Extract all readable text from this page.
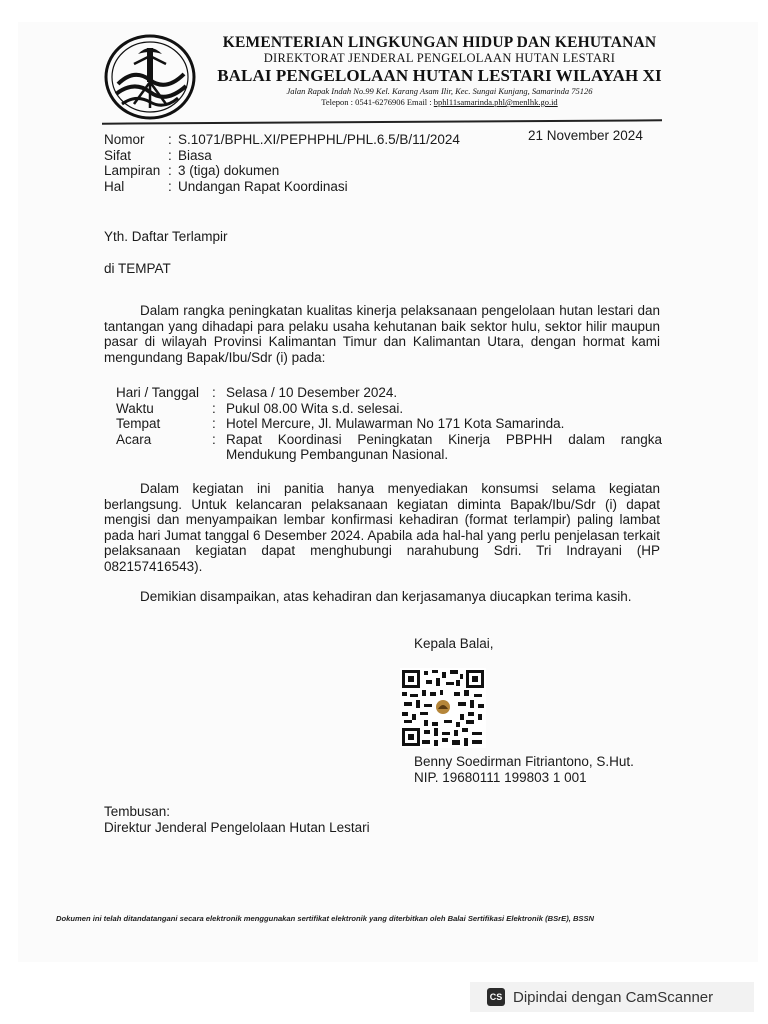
KEMENTERIAN LINGKUNGAN HIDUP DAN KEHUTANAN
DIREKTORAT JENDERAL PENGELOLAAN HUTAN LESTARI
BALAI PENGELOLAAN HUTAN LESTARI WILAYAH XI
Jalan Rapak Indah No.99 Kel. Karang Asam Ilir, Kec. Sungai Kunjang, Samarinda 75126
Telepon : 0541-6276906 Email : bphl11samarinda.phl@menlhk.go.id
Nomor	: S.1071/BPHL.XI/PEPHPHL/PHL.6.5/B/11/2024
Sifat	: Biasa
Lampiran : 3 (tiga) dokumen
Hal	: Undangan Rapat Koordinasi
21 November 2024
Yth. Daftar Terlampir
di TEMPAT
Dalam rangka peningkatan kualitas kinerja pelaksanaan pengelolaan hutan lestari dan tantangan yang dihadapi para pelaku usaha kehutanan baik sektor hulu, sektor hilir maupun pasar di wilayah Provinsi Kalimantan Timur dan Kalimantan Utara, dengan hormat kami mengundang Bapak/Ibu/Sdr (i) pada:
Hari / Tanggal : Selasa / 10 Desember 2024.
Waktu	: Pukul 08.00 Wita s.d. selesai.
Tempat	: Hotel Mercure, Jl. Mulawarman No 171 Kota Samarinda.
Acara	: Rapat Koordinasi Peningkatan Kinerja PBPHH dalam rangka Mendukung Pembangunan Nasional.
Dalam kegiatan ini panitia hanya menyediakan konsumsi selama kegiatan berlangsung. Untuk kelancaran pelaksanaan kegiatan diminta Bapak/Ibu/Sdr (i) dapat mengisi dan menyampaikan lembar konfirmasi kehadiran (format terlampir) paling lambat pada hari Jumat tanggal 6 Desember 2024. Apabila ada hal-hal yang perlu penjelasan terkait pelaksanaan kegiatan dapat menghubungi narahubung Sdri. Tri Indrayani (HP 082157416543).
Demikian disampaikan, atas kehadiran dan kerjasamanya diucapkan terima kasih.
Kepala Balai,
Benny Soedirman Fitriantono, S.Hut.
NIP. 19680111 199803 1 001
Tembusan:
Direktur Jenderal Pengelolaan Hutan Lestari
Dokumen ini telah ditandatangani secara elektronik menggunakan sertifikat elektronik yang diterbitkan oleh Balai Sertifikasi Elektronik (BSrE), BSSN
CS Dipindai dengan CamScanner
